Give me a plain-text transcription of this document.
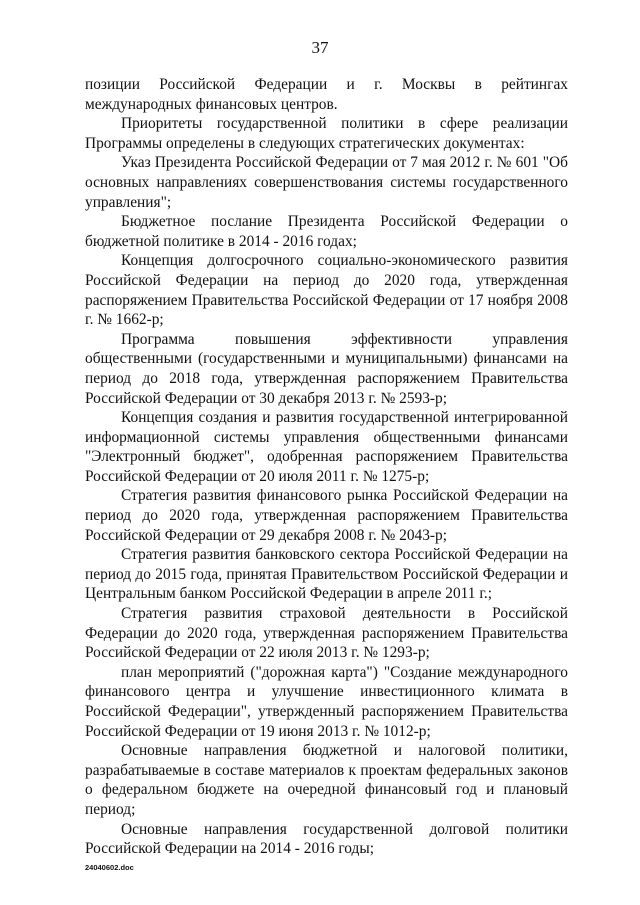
37

позиции Российской Федерации и г. Москвы в рейтингах международных финансовых центров.

Приоритеты государственной политики в сфере реализации Программы определены в следующих стратегических документах:

Указ Президента Российской Федерации от 7 мая 2012 г. № 601 "Об основных направлениях совершенствования системы государственного управления";

Бюджетное послание Президента Российской Федерации о бюджетной политике в 2014 - 2016 годах;

Концепция долгосрочного социально-экономического развития Российской Федерации на период до 2020 года, утвержденная распоряжением Правительства Российской Федерации от 17 ноября 2008 г. № 1662-р;

Программа повышения эффективности управления общественными (государственными и муниципальными) финансами на период до 2018 года, утвержденная распоряжением Правительства Российской Федерации от 30 декабря 2013 г. № 2593-р;

Концепция создания и развития государственной интегрированной информационной системы управления общественными финансами "Электронный бюджет", одобренная распоряжением Правительства Российской Федерации от 20 июля 2011 г. № 1275-р;

Стратегия развития финансового рынка Российской Федерации на период до 2020 года, утвержденная распоряжением Правительства Российской Федерации от 29 декабря 2008 г. № 2043-р;

Стратегия развития банковского сектора Российской Федерации на период до 2015 года, принятая Правительством Российской Федерации и Центральным банком Российской Федерации в апреле 2011 г.;

Стратегия развития страховой деятельности в Российской Федерации до 2020 года, утвержденная распоряжением Правительства Российской Федерации от 22 июля 2013 г. № 1293-р;

план мероприятий ("дорожная карта") "Создание международного финансового центра и улучшение инвестиционного климата в Российской Федерации", утвержденный распоряжением Правительства Российской Федерации от 19 июня 2013 г. № 1012-р;

Основные направления бюджетной и налоговой политики, разрабатываемые в составе материалов к проектам федеральных законов о федеральном бюджете на очередной финансовый год и плановый период;

Основные направления государственной долговой политики Российской Федерации на 2014 - 2016 годы;

24040602.doc
